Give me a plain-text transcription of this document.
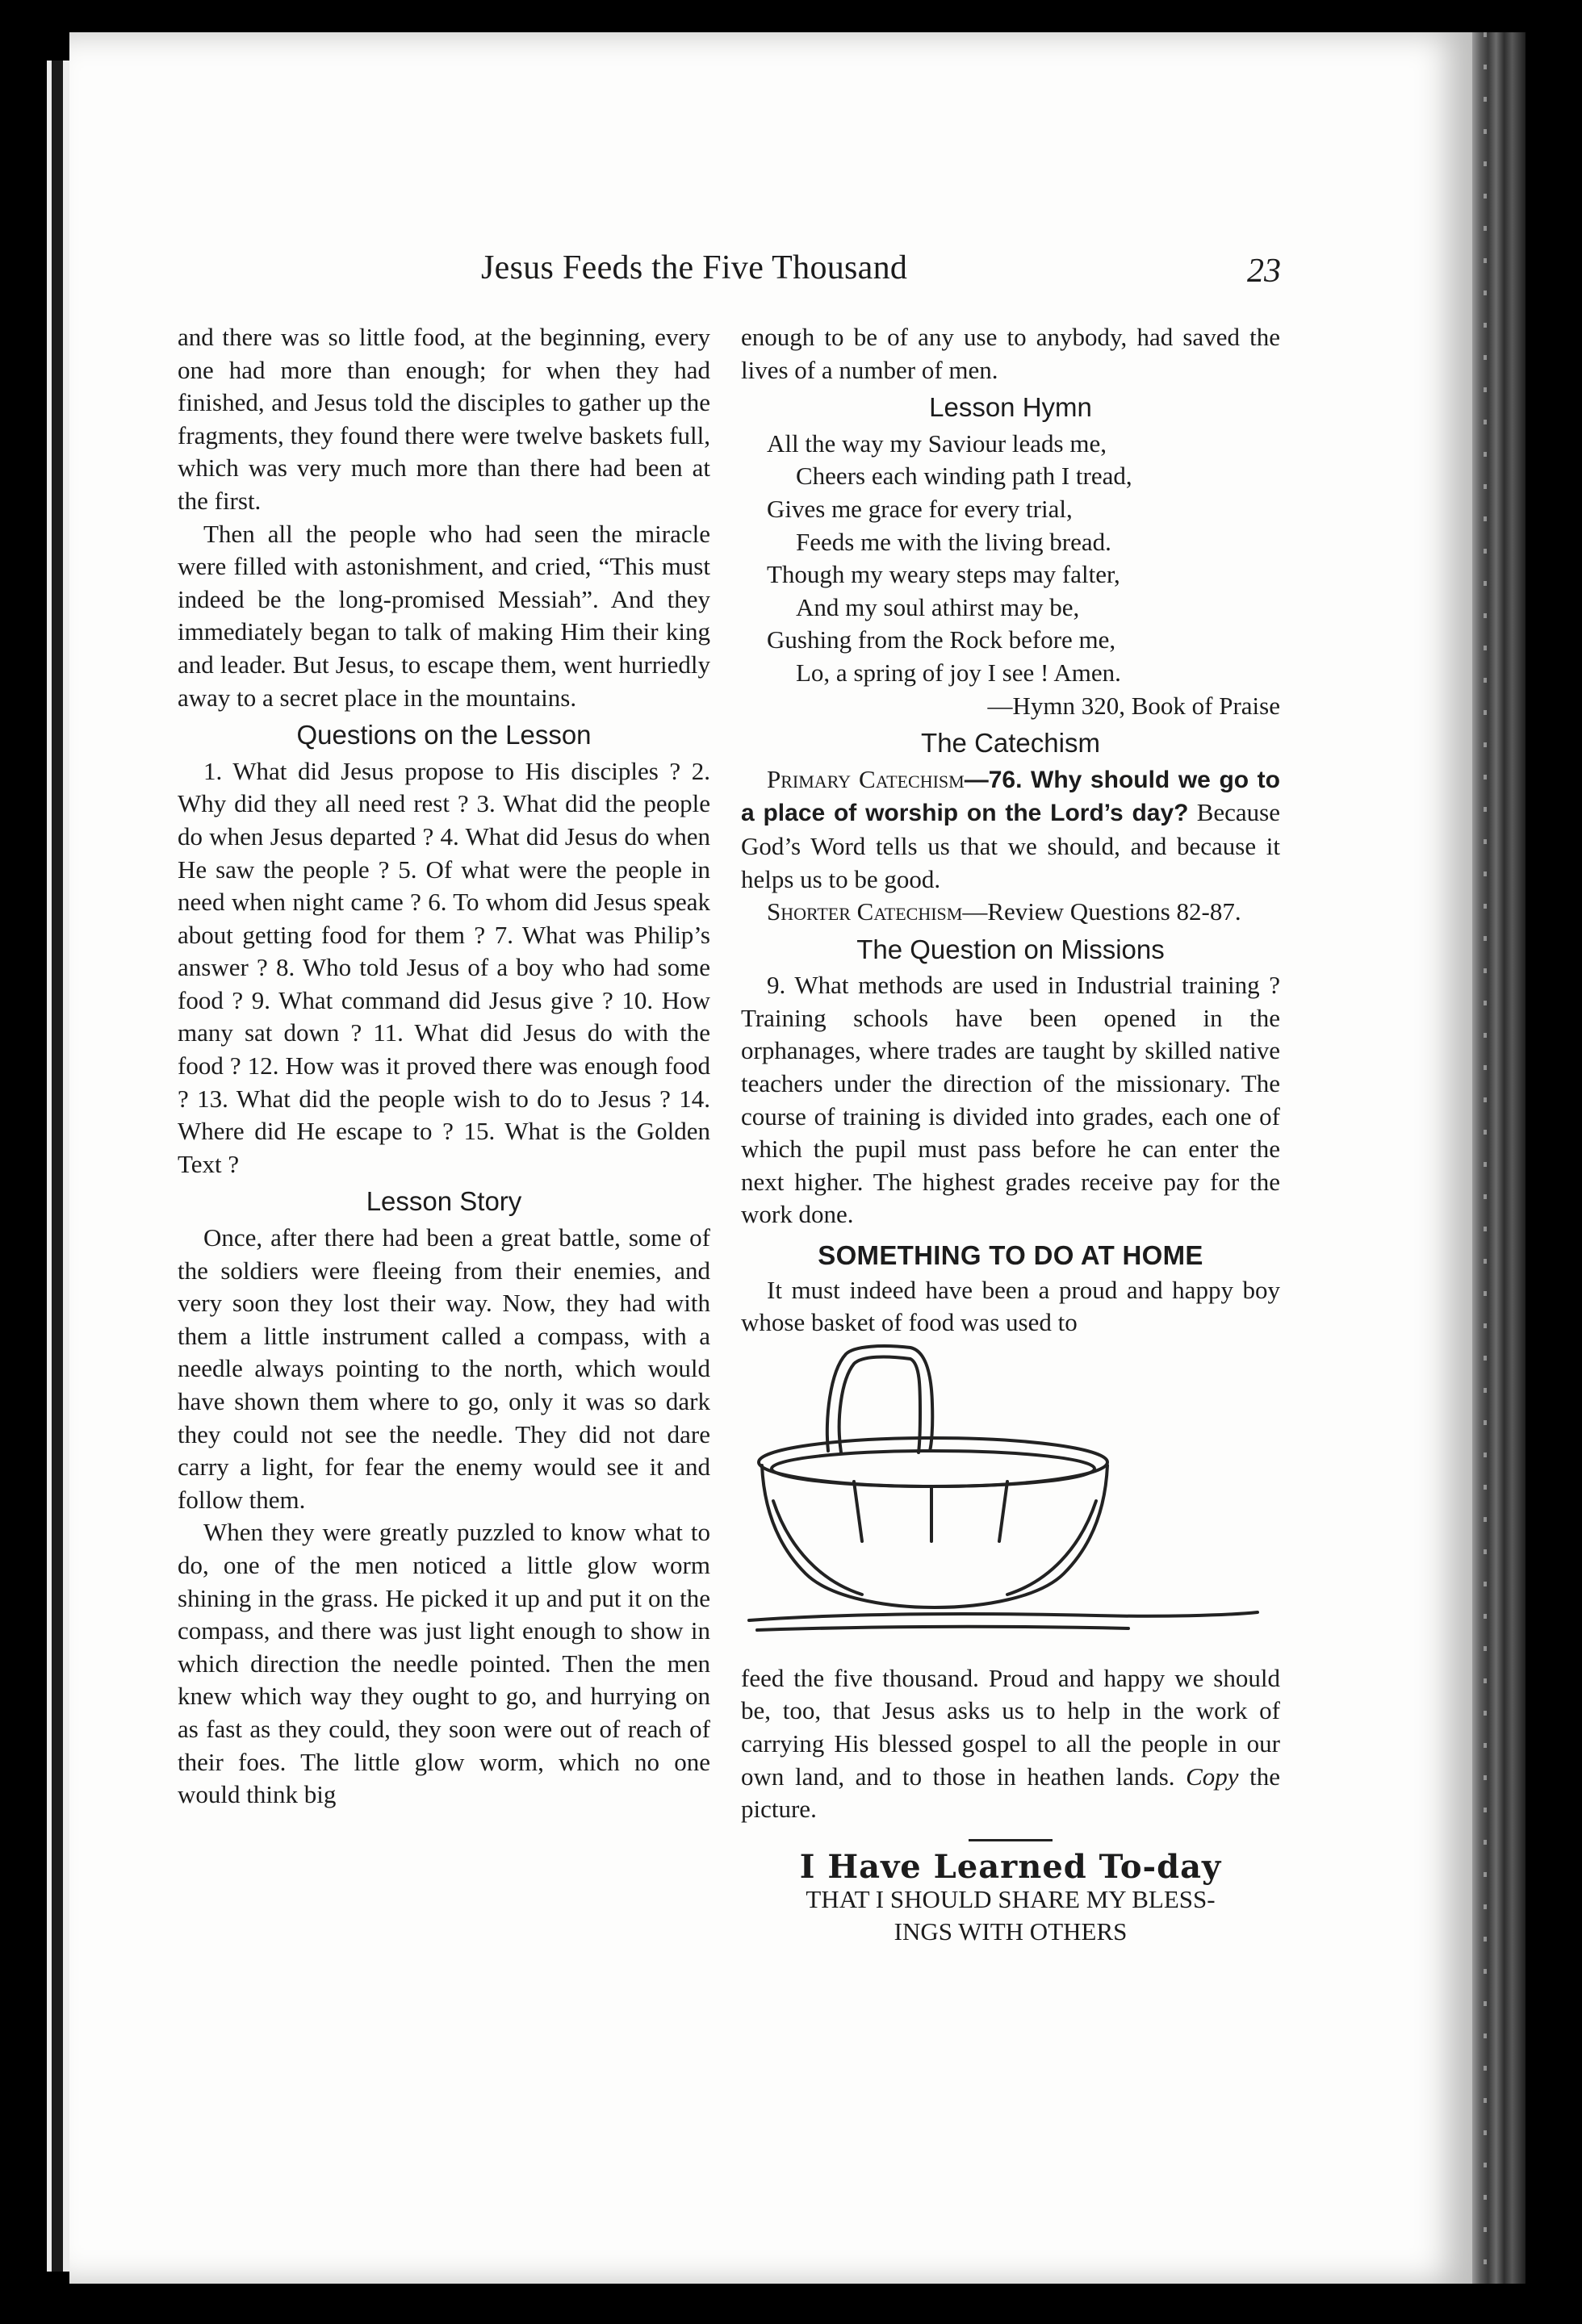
Jesus Feeds the Five Thousand	23

and there was so little food, at the beginning, every one had more than enough; for when they had finished, and Jesus told the disciples to gather up the fragments, they found there were twelve baskets full, which was very much more than there had been at the first.

Then all the people who had seen the miracle were filled with astonishment, and cried, “This must indeed be the long-promised Messiah”. And they immediately began to talk of making Him their king and leader. But Jesus, to escape them, went hurriedly away to a secret place in the mountains.

Questions on the Lesson

1. What did Jesus propose to His disciples ? 2. Why did they all need rest ? 3. What did the people do when Jesus departed ? 4. What did Jesus do when He saw the people ? 5. Of what were the people in need when night came ? 6. To whom did Jesus speak about getting food for them ? 7. What was Philip’s answer ? 8. Who told Jesus of a boy who had some food ? 9. What command did Jesus give ? 10. How many sat down ? 11. What did Jesus do with the food ? 12. How was it proved there was enough food ? 13. What did the people wish to do to Jesus ? 14. Where did He escape to ? 15. What is the Golden Text ?

Lesson Story

Once, after there had been a great battle, some of the soldiers were fleeing from their enemies, and very soon they lost their way. Now, they had with them a little instrument called a compass, with a needle always pointing to the north, which would have shown them where to go, only it was so dark they could not see the needle. They did not dare carry a light, for fear the enemy would see it and follow them.

When they were greatly puzzled to know what to do, one of the men noticed a little glow worm shining in the grass. He picked it up and put it on the compass, and there was just light enough to show in which direction the needle pointed. Then the men knew which way they ought to go, and hurrying on as fast as they could, they soon were out of reach of their foes. The little glow worm, which no one would think big

enough to be of any use to anybody, had saved the lives of a number of men.

Lesson Hymn
All the way my Saviour leads me,
Cheers each winding path I tread,
Gives me grace for every trial,
Feeds me with the living bread.
Though my weary steps may falter,
And my soul athirst may be,
Gushing from the Rock before me,
Lo, a spring of joy I see ! Amen.
—Hymn 320, Book of Praise
The Catechism

Primary Catechism—76. Why should we go to a place of worship on the Lord’s day? Because God’s Word tells us that we should, and because it helps us to be good.

Shorter Catechism—Review Questions 82-87.

The Question on Missions

9. What methods are used in Industrial training ? Training schools have been opened in the orphanages, where trades are taught by skilled native teachers under the direction of the missionary. The course of training is divided into grades, each one of which the pupil must pass before he can enter the next higher. The highest grades receive pay for the work done.

SOMETHING TO DO AT HOME

It must indeed have been a proud and happy boy whose basket of food was used to

feed the five thousand. Proud and happy we should be, too, that Jesus asks us to help in the work of carrying His blessed gospel to all the people in our own land, and to those in heathen lands. Copy the picture.

I Have Learned To-day
THAT I SHOULD SHARE MY BLESS-
INGS WITH OTHERS
